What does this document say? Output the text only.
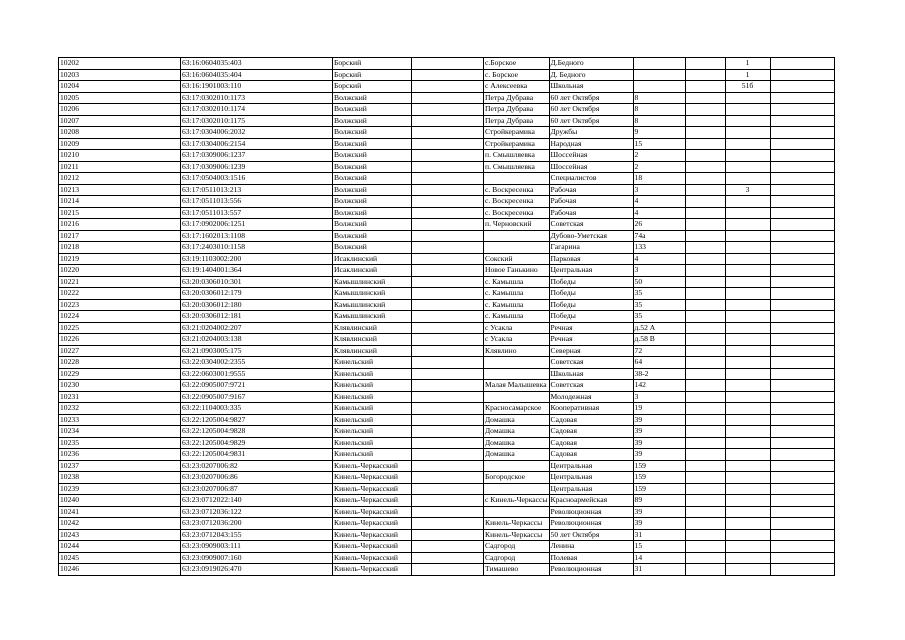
10202	63:16:0604035:403	Борский		с.Борское	Д.Бедного			1	
10203	63:16:0604035:404	Борский		с. Борское	Д. Бедного			1	
10204	63:16:1901003:110	Борский		с Алексеевка	Школьная			51б	
10205	63:17:0302010:1173	Волжский		Петра Дубрава	60 лет Октября	8			
10206	63:17:0302010:1174	Волжский		Петра Дубрава	60 лет Октября	8			
10207	63:17:0302010:1175	Волжский		Петра Дубрава	60 лет Октября	8			
10208	63:17:0304006:2032	Волжский		Стройкерамика	Дружбы	9			
10209	63:17:0304006:2154	Волжский		Стройкерамика	Народная	15			
10210	63:17:0309006:1237	Волжский		п. Смышляевка	Шоссейная	2			
10211	63:17:0309006:1239	Волжский		п. Смышляевка	Шоссейная	2			
10212	63:17:0504003:1516	Волжский			Специалистов	18			
10213	63:17:0511013:213	Волжский		с. Воскресенка	Рабочая	3		3	
10214	63:17:0511013:556	Волжский		с. Воскресенка	Рабочая	4			
10215	63:17:0511013:557	Волжский		с. Воскресенка	Рабочая	4			
10216	63:17:0902006:1251	Волжский		п. Черновский	Советская	26			
10217	63:17:1602013:1108	Волжский			Дубово-Уметская	74а			
10218	63:17:2403010:1158	Волжский			Гагарина	133			
10219	63:19:1103002:200	Исаклинский		Сокский	Парковая	4			
10220	63:19:1404001:364	Исаклинский		Новое Ганькино	Центральная	3			
10221	63:20:0306010:301	Камышлинский		с. Камышла	Победы	50			
10222	63:20:0306012:179	Камышлинский		с. Камышла	Победы	35			
10223	63:20:0306012:180	Камышлинский		с. Камышла	Победы	35			
10224	63:20:0306012:181	Камышлинский		с. Камышла	Победы	35			
10225	63:21:0204002:207	Клявлинский		с Усакла	Речная	д.52 А			
10226	63:21:0204003:138	Клявлинский		с Усакла	Речная	д.58 В			
10227	63:21:0903005:175	Клявлинский		Клявлино	Северная	72			
10228	63:22:0304002:2355	Кинельский			Советская	64			
10229	63:22:0603001:9555	Кинельский			Школьная	38-2			
10230	63:22:0905007:9721	Кинельский		Малая Малышевка	Советская	142			
10231	63:22:0905007:9167	Кинельский			Молодежная	3			
10232	63:22:1104003:335	Кинельский		Красносамарское	Кооперативная	19			
10233	63:22:1205004:9827	Кинельский		Домашка	Садовая	39			
10234	63:22:1205004:9828	Кинельский		Домашка	Садовая	39			
10235	63:22:1205004:9829	Кинельский		Домашка	Садовая	39			
10236	63:22:1205004:9831	Кинельский		Домашка	Садовая	39			
10237	63:23:0207006:82	Кинель-Черкасский			Центральная	159			
10238	63:23:0207006:86	Кинель-Черкасский		Богородское	Центральная	159			
10239	63:23:0207006:87	Кинель-Черкасский			Центральная	159			
10240	63:23:0712022:140	Кинель-Черкасский		с Кинель-Черкассы	Красноармейская	89			
10241	63:23:0712036:122	Кинель-Черкасский			Революционная	39			
10242	63:23:0712036:200	Кинель-Черкасский		Кинель-Черкассы	Революционная	39			
10243	63:23:0712043:155	Кинель-Черкасский		Кинель-Черкассы	50 лет Октября	31			
10244	63:23:0909003:111	Кинель-Черкасский		Садгород	Ленина	15			
10245	63:23:0909007:160	Кинель-Черкасский		Садгород	Полевая	14			
10246	63:23:0919026:470	Кинель-Черкасский		Тимашево	Революционная	31			
